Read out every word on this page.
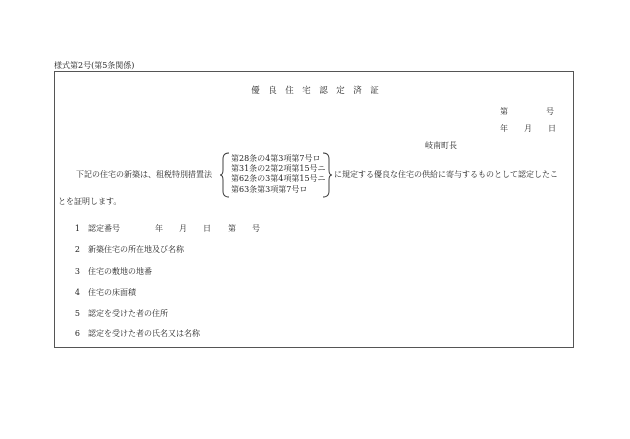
様式第2号(第5条関係)
優　良　住　宅　認　定　済　証
第	号
年 月 日
岐南町長
下記の住宅の新築は、租税特別措置法
第28条の4第3項第7号ロ
第31条の2第2項第15号ニ
第62条の3第4項第15号ニ
第63条第3項第7号ロ
に規定する優良な住宅の供給に寄与するものとして認定したこ
とを証明します。
1 認定番号	年 月 日 第 号
2 新築住宅の所在地及び名称
3 住宅の敷地の地番
4 住宅の床面積
5 認定を受けた者の住所
6 認定を受けた者の氏名又は名称
